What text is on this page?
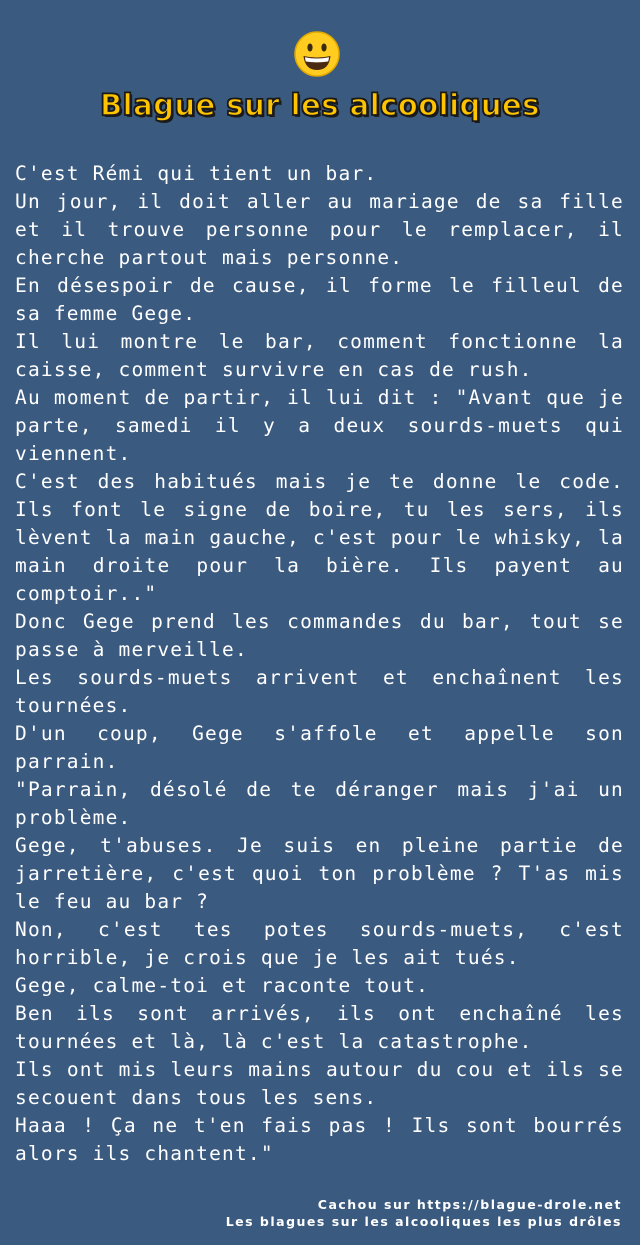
Blague sur les alcooliques

C'est Rémi qui tient un bar.

Un jour, il doit aller au mariage de sa fille et il trouve personne pour le remplacer, il cherche partout mais personne.

En désespoir de cause, il forme le filleul de sa femme Gege.

Il lui montre le bar, comment fonctionne la caisse, comment survivre en cas de rush.

Au moment de partir, il lui dit : "Avant que je parte, samedi il y a deux sourds-muets qui viennent.

C'est des habitués mais je te donne le code. Ils font le signe de boire, tu les sers, ils lèvent la main gauche, c'est pour le whisky, la main droite pour la bière. Ils payent au comptoir.."

Donc Gege prend les commandes du bar, tout se passe à merveille.

Les sourds-muets arrivent et enchaînent les tournées.

D'un coup, Gege s'affole et appelle son parrain.

"Parrain, désolé de te déranger mais j'ai un problème.

Gege, t'abuses. Je suis en pleine partie de jarretière, c'est quoi ton problème ? T'as mis le feu au bar ?

Non, c'est tes potes sourds-muets, c'est horrible, je crois que je les ait tués.

Gege, calme-toi et raconte tout.

Ben ils sont arrivés, ils ont enchaîné les tournées et là, là c'est la catastrophe.

Ils ont mis leurs mains autour du cou et ils se secouent dans tous les sens.

Haaa ! Ça ne t'en fais pas ! Ils sont bourrés alors ils chantent."

Cachou sur https://blague-drole.net
Les blagues sur les alcooliques les plus drôles
